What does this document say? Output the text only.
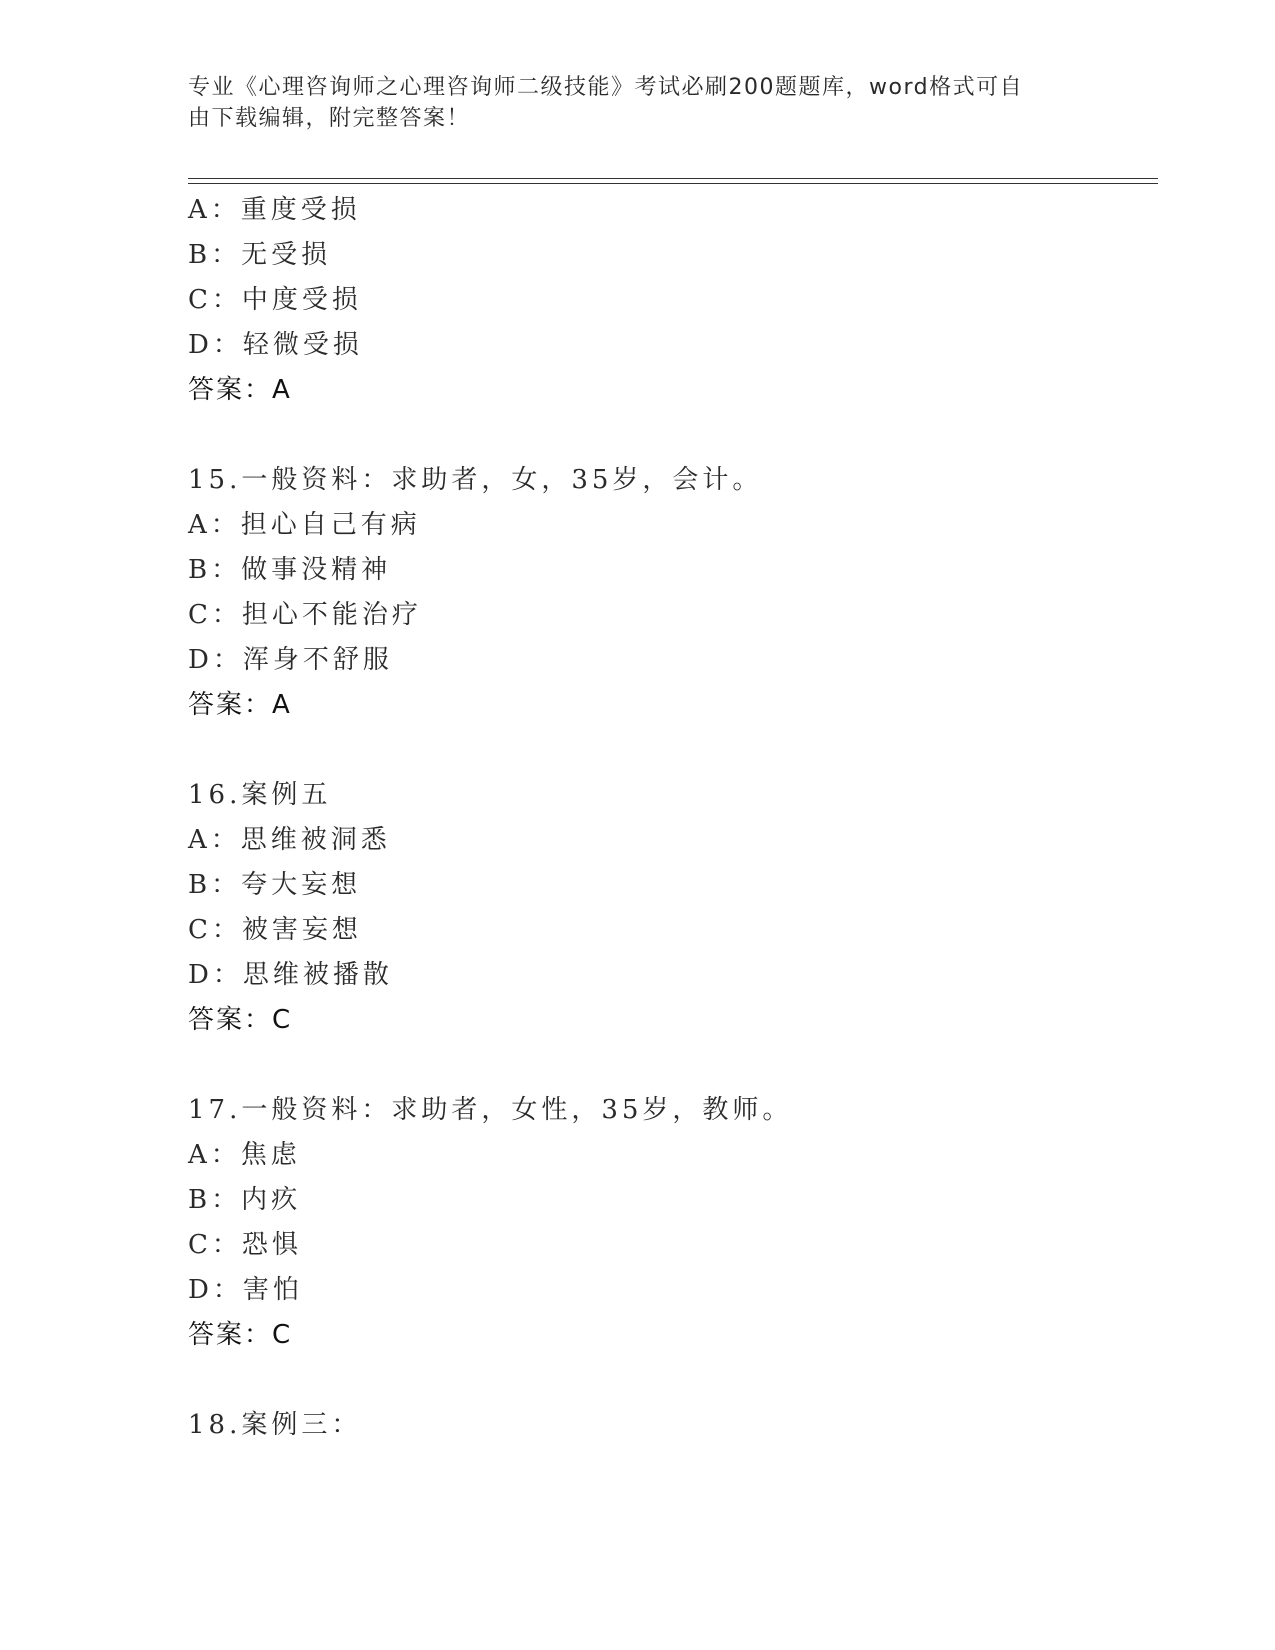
专业《心理咨询师之心理咨询师二级技能》考试必刷200题题库，word格式可自
由下载编辑，附完整答案！
A：重度受损
B：无受损
C：中度受损
D：轻微受损
答案：A
15.一般资料：求助者，女，35岁，会计。
A：担心自己有病
B：做事没精神
C：担心不能治疗
D：浑身不舒服
答案：A
16.案例五
A：思维被洞悉
B：夸大妄想
C：被害妄想
D：思维被播散
答案：C
17.一般资料：求助者，女性，35岁，教师。
A：焦虑
B：内疚
C：恐惧
D：害怕
答案：C
18.案例三：
